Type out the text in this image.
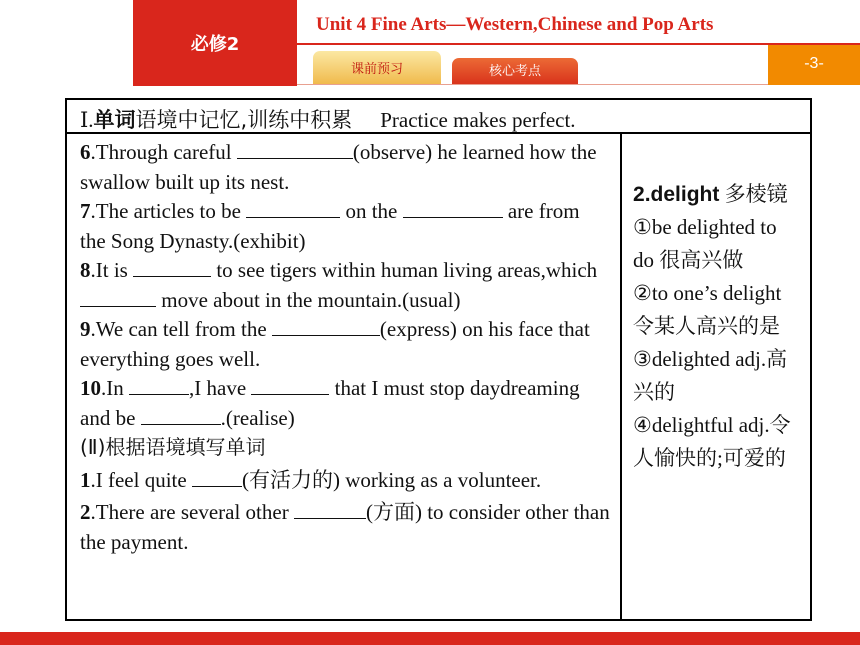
必修2
Unit 4 Fine Arts—Western,Chinese and Pop Arts
课前预习	核心考点	-3-
Ⅰ.单词语境中记忆,训练中积累 Practice makes perfect.

6.Through careful	(observe) he learned how the swallow built up its nest.

7.The articles to be	on the	are from the Song Dynasty.(exhibit)

8.It is	to see tigers within human living areas,which  move about in the mountain.(usual)

9.We can tell from the	(express) on his face that everything goes well.

10.In	,I have	that I must stop daydreaming and be	.(realise)

(Ⅱ)根据语境填写单词

1.I feel quite (有活力的) working as a volunteer.

2.There are several other	(方面) to consider other than the payment.

2.delight 多棱镜

①be delighted to do 很高兴做

②to one’s delight 令某人高兴的是

③delighted adj.高兴的

④delightful adj.令人愉快的;可爱的
